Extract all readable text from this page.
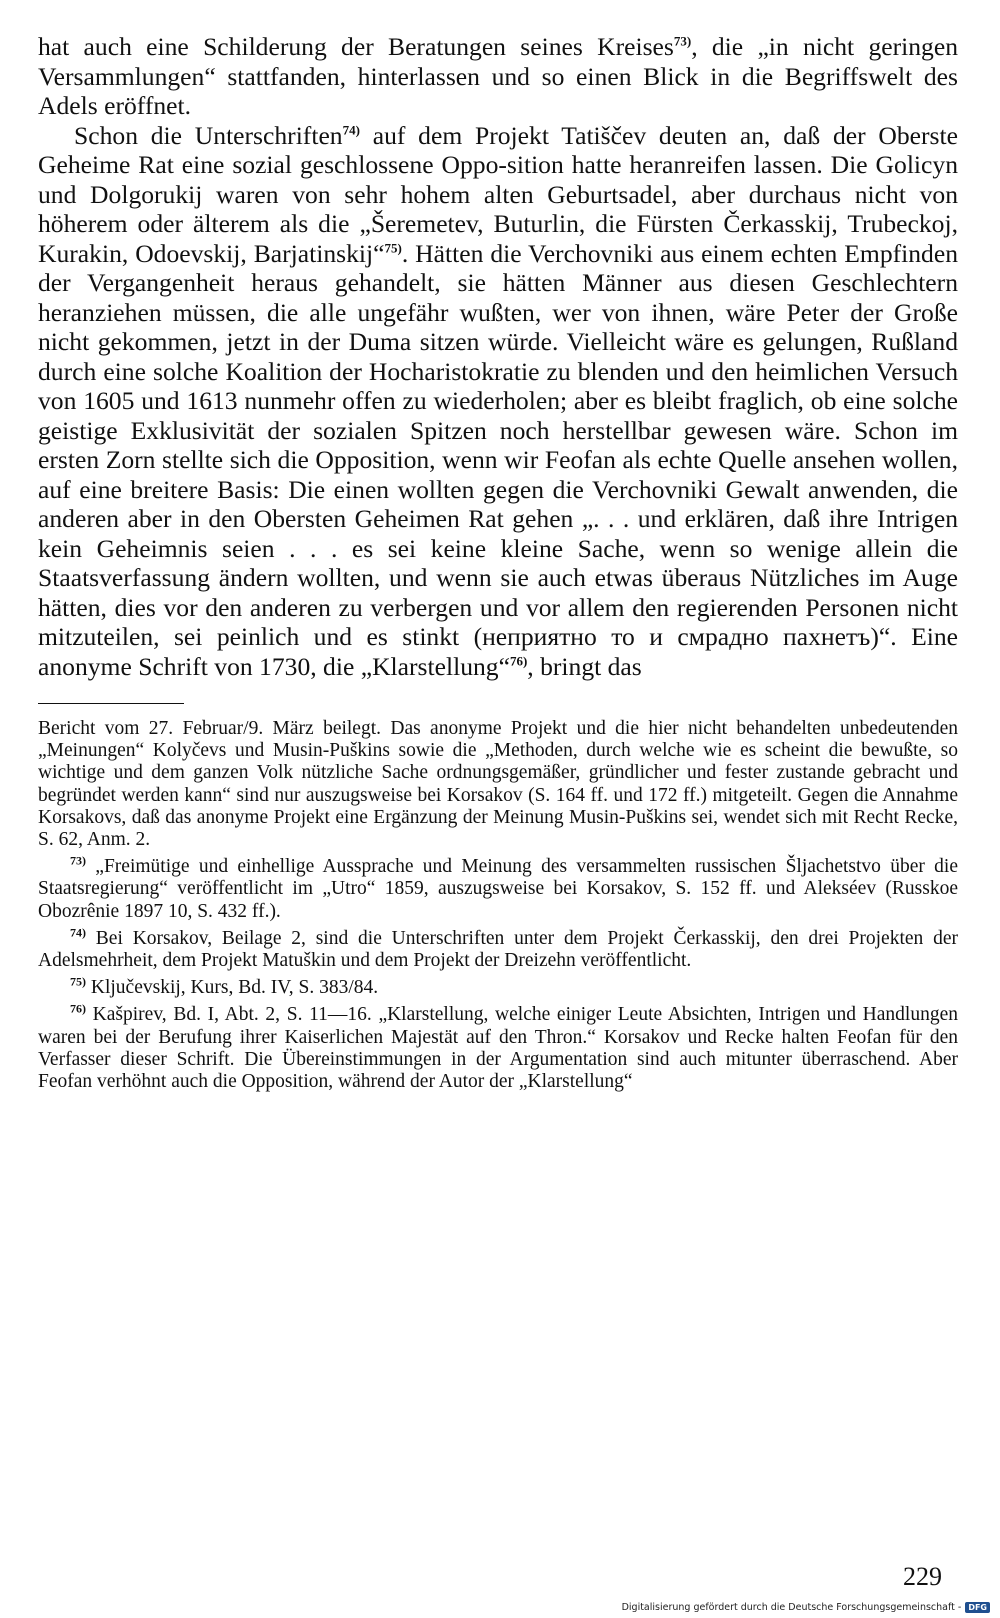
hat auch eine Schilderung der Beratungen seines Kreises$^{73)}$, die „in nicht geringen Versammlungen“ stattfanden, hinterlassen und so einen Blick in die Begriffswelt des Adels eröffnet.

Schon die Unterschriften$^{74)}$ auf dem Projekt Tatiščev deuten an, daß der Oberste Geheime Rat eine sozial geschlossene Oppo-sition hatte heranreifen lassen. Die Golicyn und Dolgorukij waren von sehr hohem alten Geburtsadel, aber durchaus nicht von höherem oder älterem als die „Šeremetev, Buturlin, die Fürsten Čerkasskij, Trubeckoj, Kurakin, Odoevskij, Barjatinskij“$^{75)}$. Hätten die Verchovniki aus einem echten Empfinden der Vergangenheit heraus gehandelt, sie hätten Männer aus diesen Geschlechtern heranziehen müssen, die alle ungefähr wußten, wer von ihnen, wäre Peter der Große nicht gekommen, jetzt in der Duma sitzen würde. Vielleicht wäre es gelungen, Rußland durch eine solche Koalition der Hocharistokratie zu blenden und den heimlichen Versuch von 1605 und 1613 nunmehr offen zu wiederholen; aber es bleibt fraglich, ob eine solche geistige Exklusivität der sozialen Spitzen noch herstellbar gewesen wäre. Schon im ersten Zorn stellte sich die Opposition, wenn wir Feofan als echte Quelle ansehen wollen, auf eine breitere Basis: Die einen wollten gegen die Verchovniki Gewalt anwenden, die anderen aber in den Obersten Geheimen Rat gehen „. . . und erklären, daß ihre Intrigen kein Geheimnis seien . . . es sei keine kleine Sache, wenn so wenige allein die Staatsverfassung ändern wollten, und wenn sie auch etwas überaus Nützliches im Auge hätten, dies vor den anderen zu verbergen und vor allem den regierenden Personen nicht mitzuteilen, sei peinlich und es stinkt (неприятно то и смрадно пахнетъ)“. Eine anonyme Schrift von 1730, die „Klarstellung“$^{76)}$, bringt das

Bericht vom 27. Februar/9. März beilegt. Das anonyme Projekt und die hier nicht behandelten unbedeutenden „Meinungen“ Kolyčevs und Musin-Puškins sowie die „Methoden, durch welche wie es scheint die bewußte, so wichtige und dem ganzen Volk nützliche Sache ordnungsgemäßer, gründlicher und fester zustande gebracht und begründet werden kann“ sind nur auszugsweise bei Korsakov (S. 164 ff. und 172 ff.) mitgeteilt. Gegen die Annahme Korsakovs, daß das anonyme Projekt eine Ergänzung der Meinung Musin-Puškins sei, wendet sich mit Recht Recke, S. 62, Anm. 2.

$^{73)}$ „Freimütige und einhellige Aussprache und Meinung des versammelten russischen Šljachetstvo über die Staatsregierung“ veröffentlicht im „Utro“ 1859, auszugsweise bei Korsakov, S. 152 ff. und Alekséev (Russkoe Obozrênie 1897 10, S. 432 ff.).

$^{74)}$ Bei Korsakov, Beilage 2, sind die Unterschriften unter dem Projekt Čerkasskij, den drei Projekten der Adelsmehrheit, dem Projekt Matuškin und dem Projekt der Dreizehn veröffentlicht.

$^{75)}$ Ključevskij, Kurs, Bd. IV, S. 383/84.

$^{76)}$ Kašpirev, Bd. I, Abt. 2, S. 11—16. „Klarstellung, welche einiger Leute Absichten, Intrigen und Handlungen waren bei der Berufung ihrer Kaiserlichen Majestät auf den Thron.“ Korsakov und Recke halten Feofan für den Verfasser dieser Schrift. Die Übereinstimmungen in der Argumentation sind auch mitunter überraschend. Aber Feofan verhöhnt auch die Opposition, während der Autor der „Klarstellung“

229
Digitalisierung gefördert durch die Deutsche Forschungsgemeinschaft - DFG
